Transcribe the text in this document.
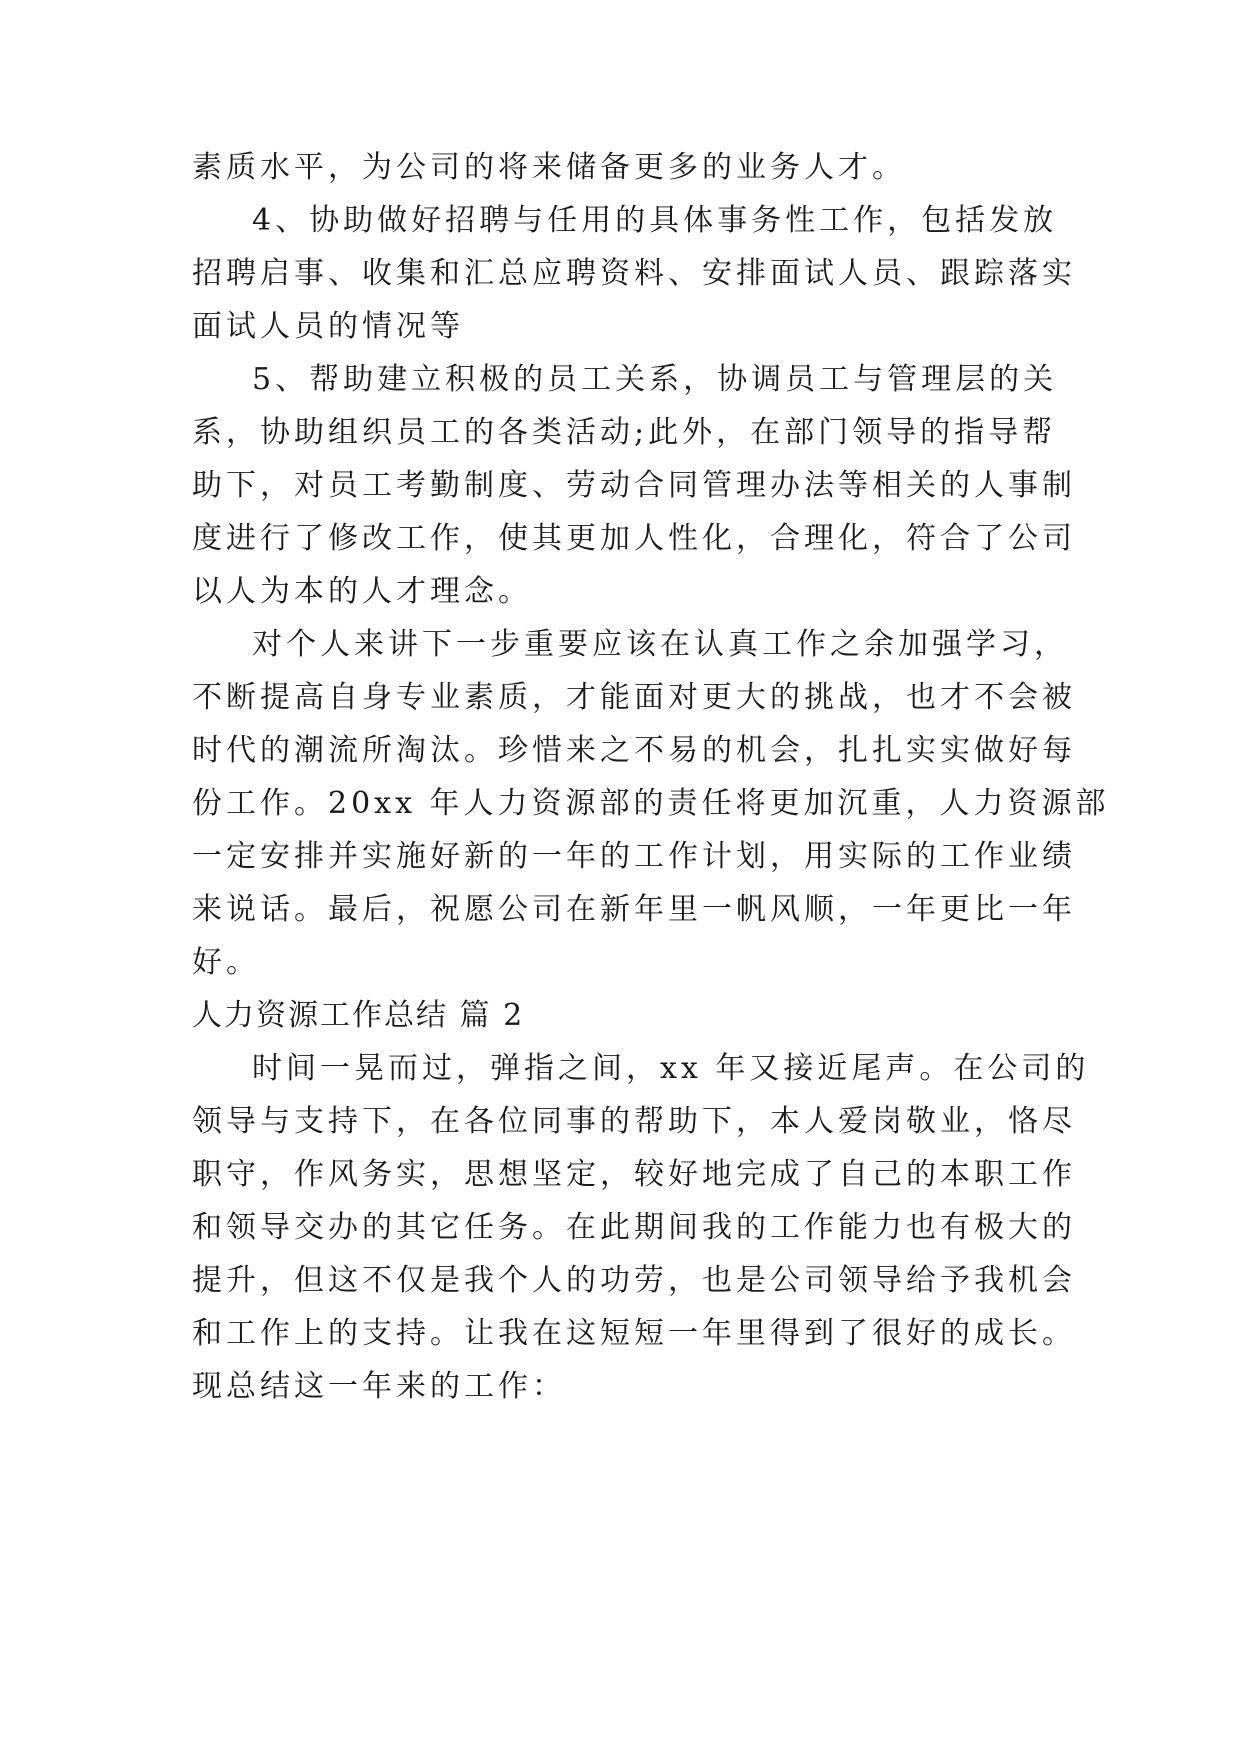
素质水平，为公司的将来储备更多的业务人才。
4、协助做好招聘与任用的具体事务性工作，包括发放
招聘启事、收集和汇总应聘资料、安排面试人员、跟踪落实
面试人员的情况等
5、帮助建立积极的员工关系，协调员工与管理层的关
系，协助组织员工的各类活动;此外，在部门领导的指导帮
助下，对员工考勤制度、劳动合同管理办法等相关的人事制
度进行了修改工作，使其更加人性化，合理化，符合了公司
以人为本的人才理念。
对个人来讲下一步重要应该在认真工作之余加强学习，
不断提高自身专业素质，才能面对更大的挑战，也才不会被
时代的潮流所淘汰。珍惜来之不易的机会，扎扎实实做好每
份工作。20xx 年人力资源部的责任将更加沉重，人力资源部
一定安排并实施好新的一年的工作计划，用实际的工作业绩
来说话。最后，祝愿公司在新年里一帆风顺，一年更比一年
好。
人力资源工作总结 篇 2
时间一晃而过，弹指之间，xx 年又接近尾声。在公司的
领导与支持下，在各位同事的帮助下，本人爱岗敬业，恪尽
职守，作风务实，思想坚定，较好地完成了自己的本职工作
和领导交办的其它任务。在此期间我的工作能力也有极大的
提升，但这不仅是我个人的功劳，也是公司领导给予我机会
和工作上的支持。让我在这短短一年里得到了很好的成长。
现总结这一年来的工作：
